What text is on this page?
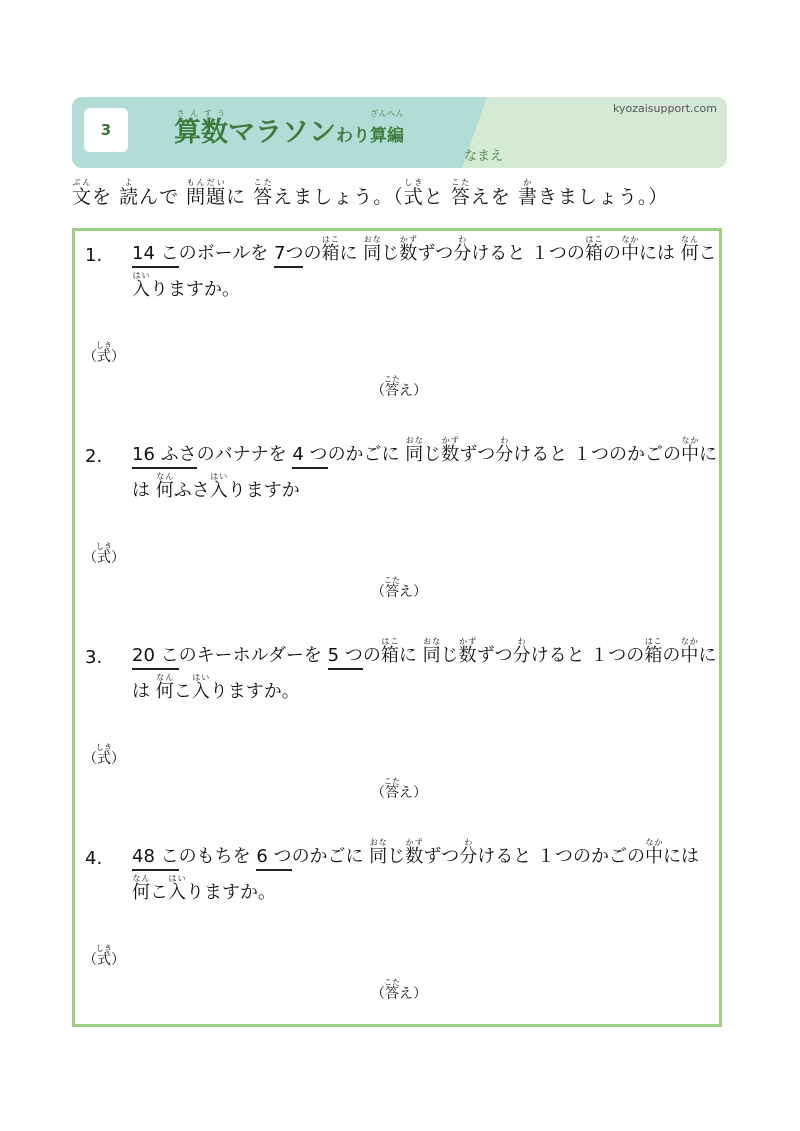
3	算数さんすうマラソンわり算編ざんへん	kyozaisupport.com
なまえ
文ぶんを 読よんで 問題もんだいに 答こたえましょう。（式しきと 答こたえを 書かきましょう。）
1. 14 このボールを 7つの箱はこに 同おなじ数かずずつ分わけると １つの箱はこの中なかには 何なんこ
入はいりますか。
（式しき）
（答こたえ）
2. 16 ふさのバナナを 4 つのかごに 同おなじ数かずずつ分わけると １つのかごの中なかに
は 何なんふさ入はいりますか
（式しき）
（答こたえ）
3. 20 このキーホルダーを 5 つの箱はこに 同おなじ数かずずつ分わけると １つの箱はこの中なかに
は 何なんこ入はいりますか。
（式しき）
（答こたえ）
4. 48 このもちを 6 つのかごに 同おなじ数かずずつ分わけると １つのかごの中なかには
何なんこ入はいりますか。
（式しき）
（答こたえ）
